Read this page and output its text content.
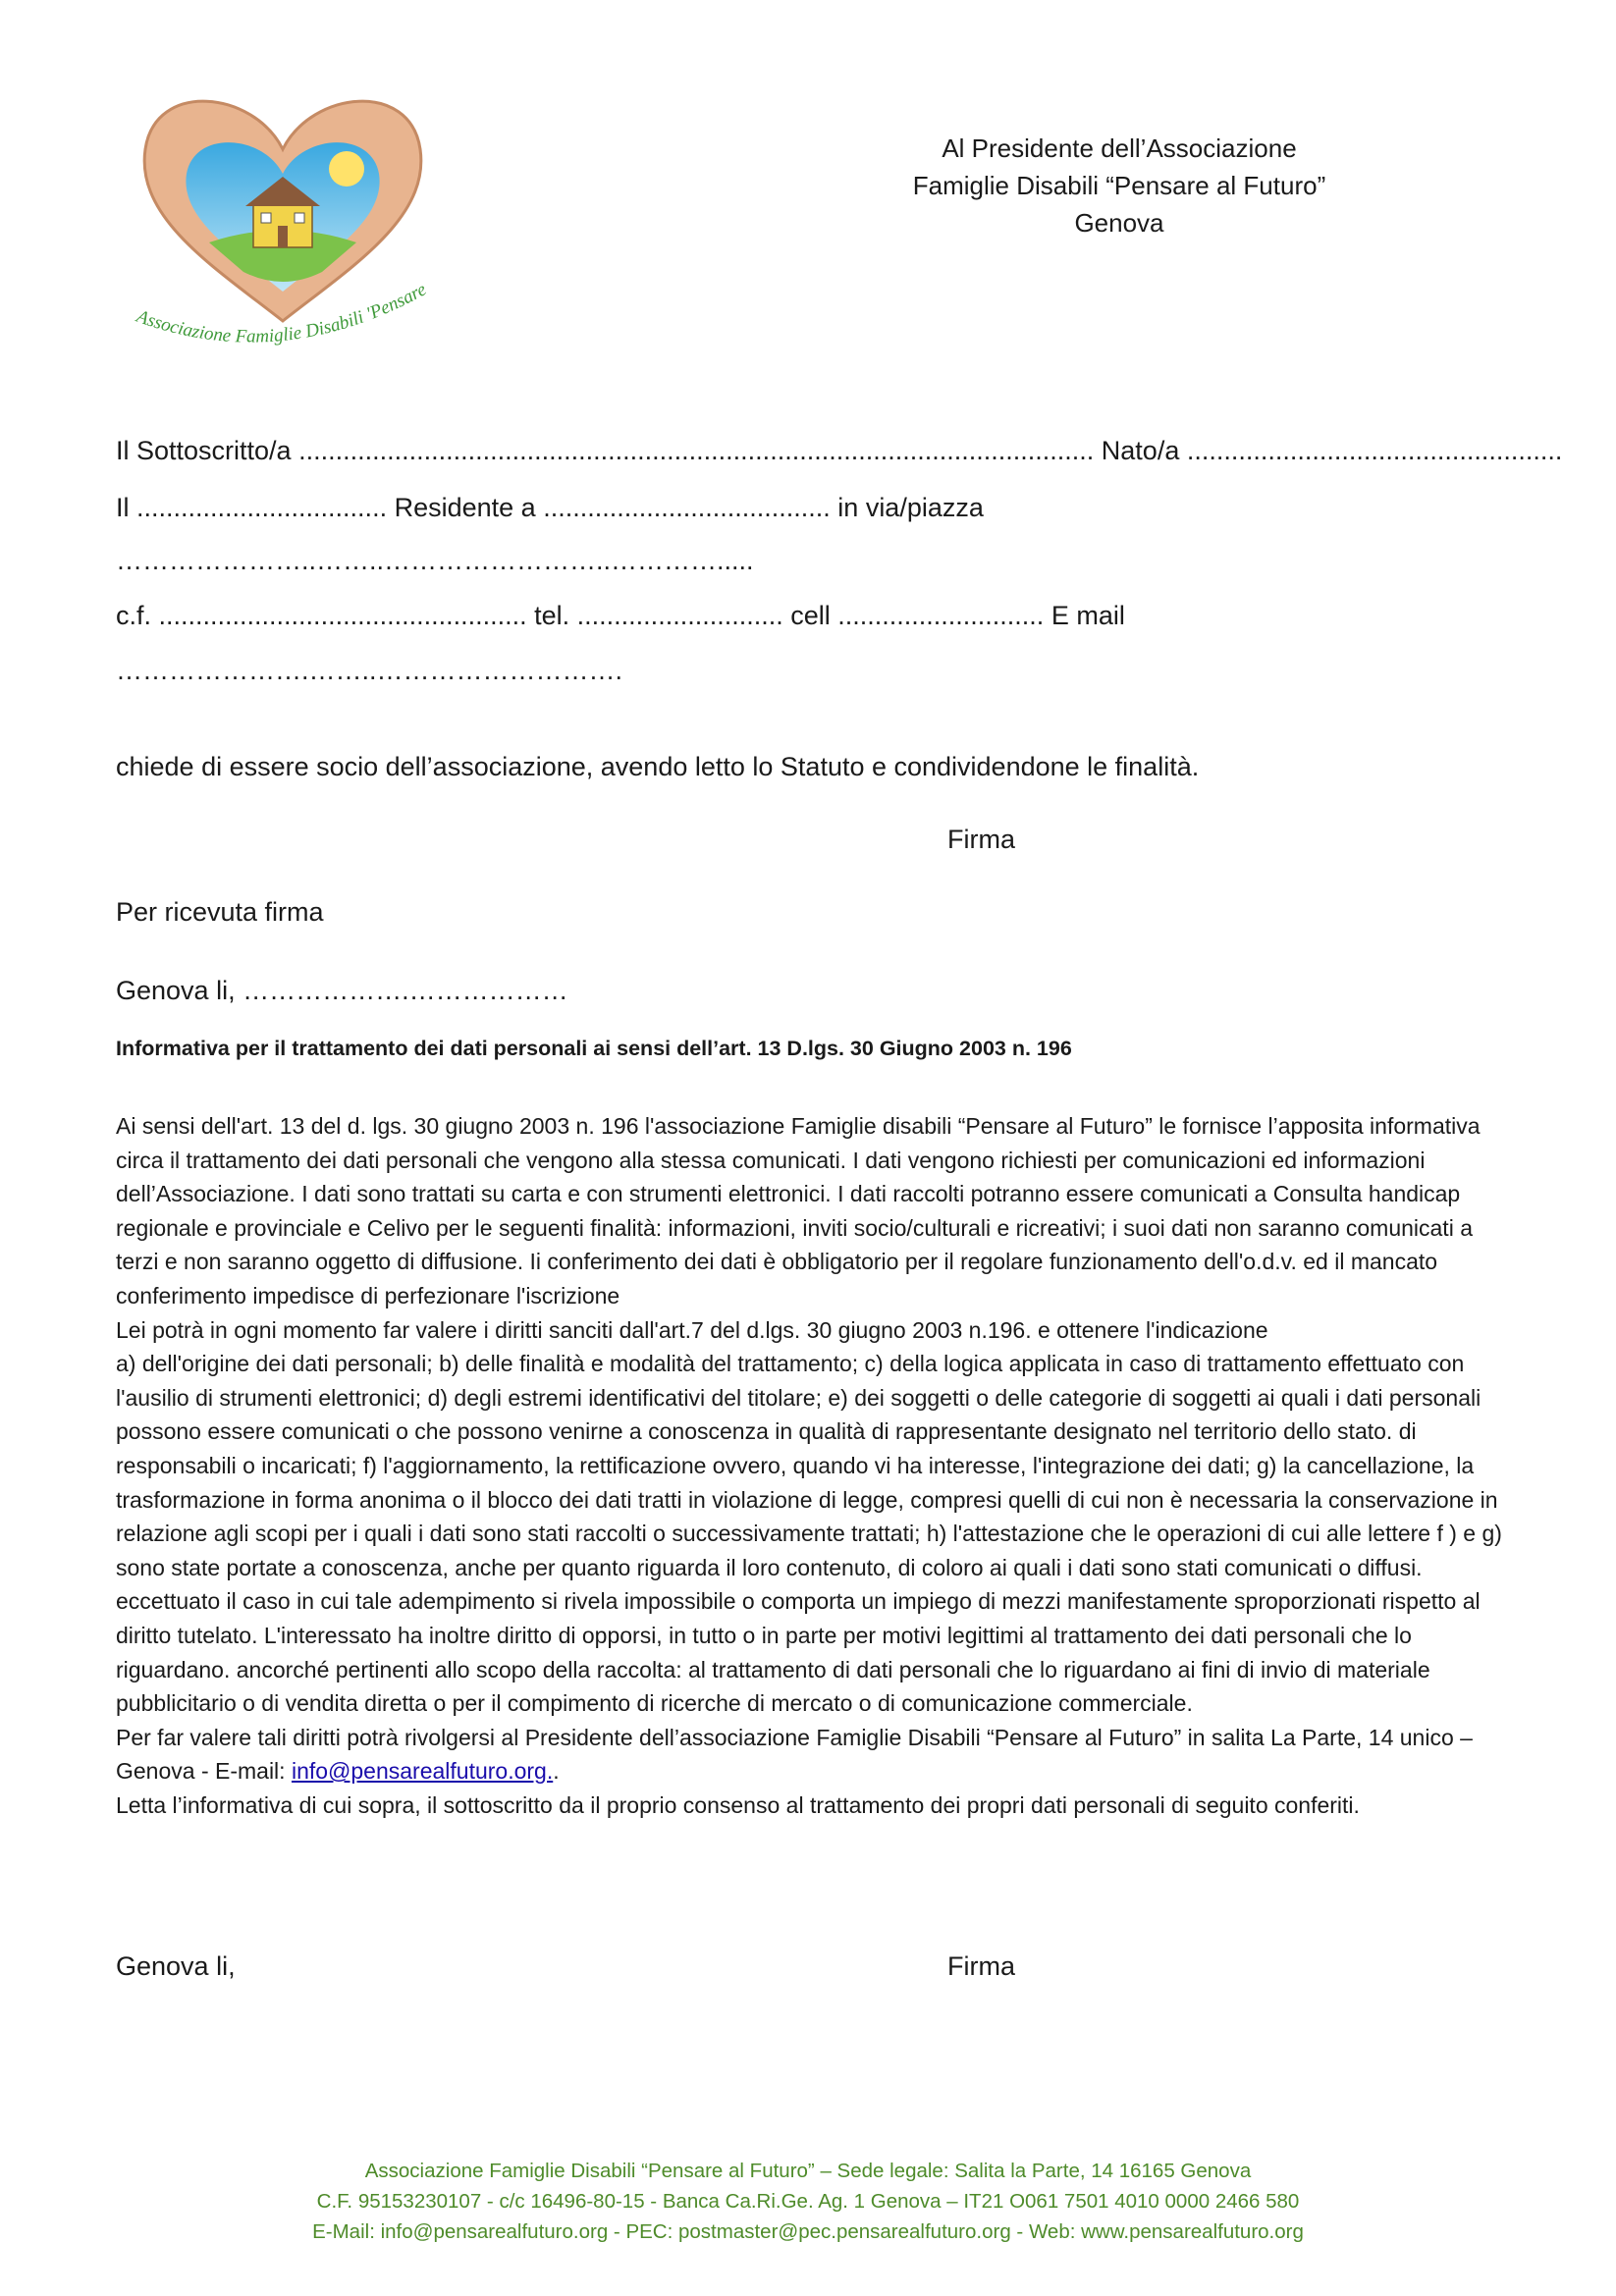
Associazione Famiglie Disabili 'Pensare
Al Presidente dell’Associazione
Famiglie Disabili “Pensare al Futuro”
Genova
Il Sottoscritto/a ............................................................................................................ Nato/a ...................................................
Il .................................. Residente a ....................................... in via/piazza
…………………..……..……………………..………….....
c.f. .................................................. tel. ............................ cell ............................ E mail
………………….……..……………………….
chiede di essere socio dell’associazione, avendo letto lo Statuto e condividendone le finalità.
Firma
Per ricevuta firma
Genova li, ……………….………………
Informativa per il trattamento dei dati personali ai sensi dell’art. 13 D.lgs. 30 Giugno 2003 n. 196

Ai sensi dell'art. 13 del d. lgs. 30 giugno 2003 n. 196 l'associazione Famiglie disabili “Pensare al Futuro” le fornisce l’apposita informativa circa il trattamento dei dati personali che vengono alla stessa comunicati. I dati vengono richiesti per comunicazioni ed informazioni dell’Associazione. I dati sono trattati su carta e con strumenti elettronici. I dati raccolti potranno essere comunicati a Consulta handicap regionale e provinciale e Celivo per le seguenti finalità: informazioni, inviti socio/culturali e ricreativi; i suoi dati non saranno comunicati a terzi e non saranno oggetto di diffusione. Ii conferimento dei dati è obbligatorio per il regolare funzionamento dell'o.d.v. ed il mancato conferimento impedisce di perfezionare l'iscrizione

Lei potrà in ogni momento far valere i diritti sanciti dall'art.7 del d.lgs. 30 giugno 2003 n.196. e ottenere l'indicazione

a) dell'origine dei dati personali; b) delle finalità e modalità del trattamento; c) della logica applicata in caso di trattamento effettuato con l'ausilio di strumenti elettronici; d) degli estremi identificativi del titolare; e) dei soggetti o delle categorie di soggetti ai quali i dati personali possono essere comunicati o che possono venirne a conoscenza in qualità di rappresentante designato nel territorio dello stato. di responsabili o incaricati; f) l'aggiornamento, la rettificazione ovvero, quando vi ha interesse, l'integrazione dei dati; g) la cancellazione, la trasformazione in forma anonima o il blocco dei dati tratti in violazione di legge, compresi quelli di cui non è necessaria la conservazione in relazione agli scopi per i quali i dati sono stati raccolti o successivamente trattati; h) l'attestazione che le operazioni di cui alle lettere f ) e g) sono state portate a conoscenza, anche per quanto riguarda il loro contenuto, di coloro ai quali i dati sono stati comunicati o diffusi. eccettuato il caso in cui tale adempimento si rivela impossibile o comporta un impiego di mezzi manifestamente sproporzionati rispetto al diritto tutelato. L'interessato ha inoltre diritto di opporsi, in tutto o in parte per motivi legittimi al trattamento dei dati personali che lo riguardano. ancorché pertinenti allo scopo della raccolta: al trattamento di dati personali che lo riguardano ai fini di invio di materiale pubblicitario o di vendita diretta o per il compimento di ricerche di mercato o di comunicazione commerciale.

Per far valere tali diritti potrà rivolgersi al Presidente dell’associazione Famiglie Disabili “Pensare al Futuro” in salita La Parte, 14 unico – Genova - E-mail: info@pensarealfuturo.org..

Letta l’informativa di cui sopra, il sottoscritto da il proprio consenso al trattamento dei propri dati personali di seguito conferiti.

Genova li,	Firma
Associazione Famiglie Disabili “Pensare al Futuro” – Sede legale: Salita la Parte, 14 16165 Genova
C.F. 95153230107 - c/c 16496-80-15 - Banca Ca.Ri.Ge. Ag. 1 Genova – IT21 O061 7501 4010 0000 2466 580
E-Mail: info@pensarealfuturo.org - PEC: postmaster@pec.pensarealfuturo.org - Web: www.pensarealfuturo.org
